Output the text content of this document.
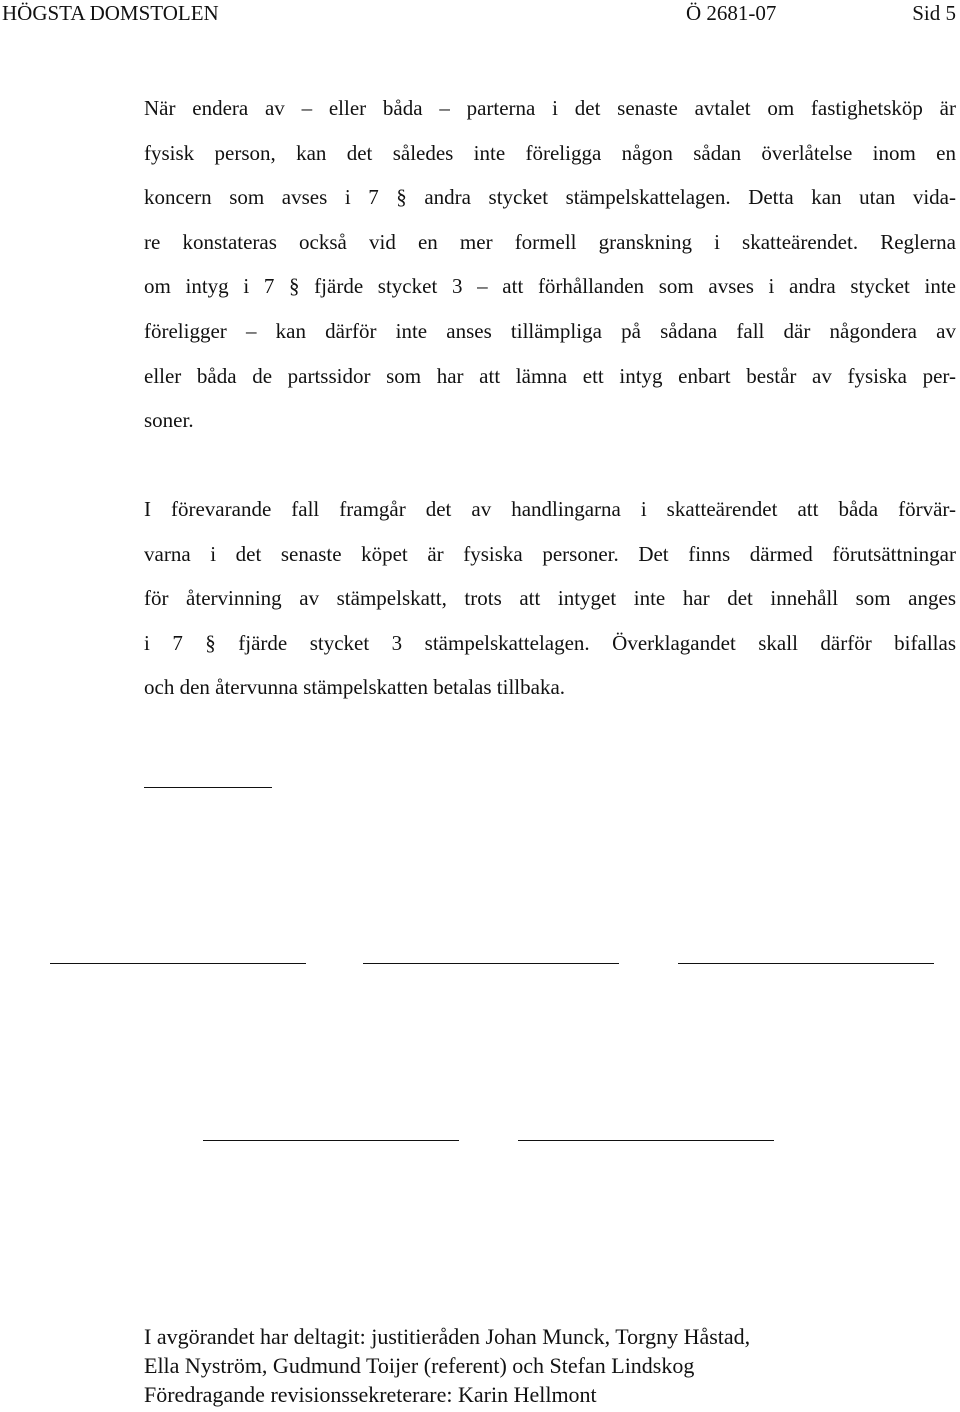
HÖGSTA DOMSTOLEN	Ö 2681-07	Sid 5
När endera av – eller båda – parterna i det senaste avtalet om fastighetsköp är
fysisk person, kan det således inte föreligga någon sådan överlåtelse inom en
koncern som avses i 7 § andra stycket stämpelskattelagen. Detta kan utan vida-
re konstateras också vid en mer formell granskning i skatteärendet. Reglerna
om intyg i 7 § fjärde stycket 3 – att förhållanden som avses i andra stycket inte
föreligger – kan därför inte anses tillämpliga på sådana fall där någondera av
eller båda de partssidor som har att lämna ett intyg enbart består av fysiska per-
soner.
I förevarande fall framgår det av handlingarna i skatteärendet att båda förvär-
varna i det senaste köpet är fysiska personer. Det finns därmed förutsättningar
för återvinning av stämpelskatt, trots att intyget inte har det innehåll som anges
i 7 § fjärde stycket 3 stämpelskattelagen. Överklagandet skall därför bifallas
och den återvunna stämpelskatten betalas tillbaka.
I avgörandet har deltagit: justitieråden Johan Munck, Torgny Håstad,
Ella Nyström, Gudmund Toijer (referent) och Stefan Lindskog
Föredragande revisionssekreterare: Karin Hellmont
